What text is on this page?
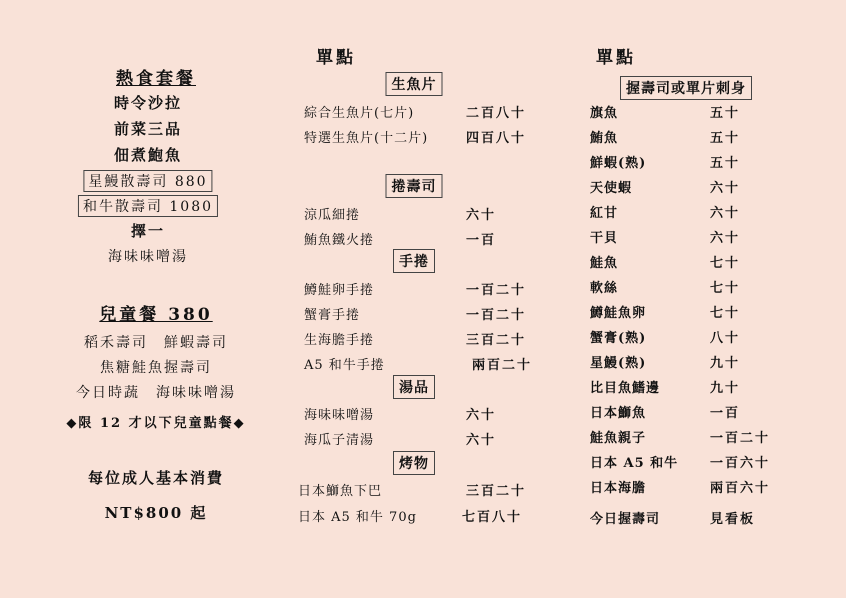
熱食套餐
時令沙拉
前菜三品
佃煮鮑魚
星鰻散壽司 880
和牛散壽司 1080
擇一
海味味噌湯
兒童餐 380
稻禾壽司　鮮蝦壽司
焦糖鮭魚握壽司
今日時蔬　海味味噌湯
◆限 12 才以下兒童點餐◆
每位成人基本消費
NT$800 起
單點
生魚片
綜合生魚片(七片)	二百八十
特選生魚片(十二片)	四百八十
捲壽司
涼瓜細捲	六十
鮪魚鐵火捲	一百
手捲
鱒鮭卵手捲	一百二十
蟹膏手捲	一百二十
生海膽手捲	三百二十
A5 和牛手捲	兩百二十
湯品
海味味噌湯	六十
海瓜子清湯	六十
烤物
日本鰤魚下巴	三百二十
日本 A5 和牛 70g	七百八十
單點
握壽司或單片刺身
旗魚	五十
鮪魚	五十
鮮蝦(熟)	五十
天使蝦	六十
紅甘	六十
干貝	六十
鮭魚	七十
軟絲	七十
鱒鮭魚卵	七十
蟹膏(熟)	八十
星鰻(熟)	九十
比目魚鰭邊	九十
日本鰤魚	一百
鮭魚親子	一百二十
日本 A5 和牛 一百六十
日本海膽	兩百六十
今日握壽司	見看板
